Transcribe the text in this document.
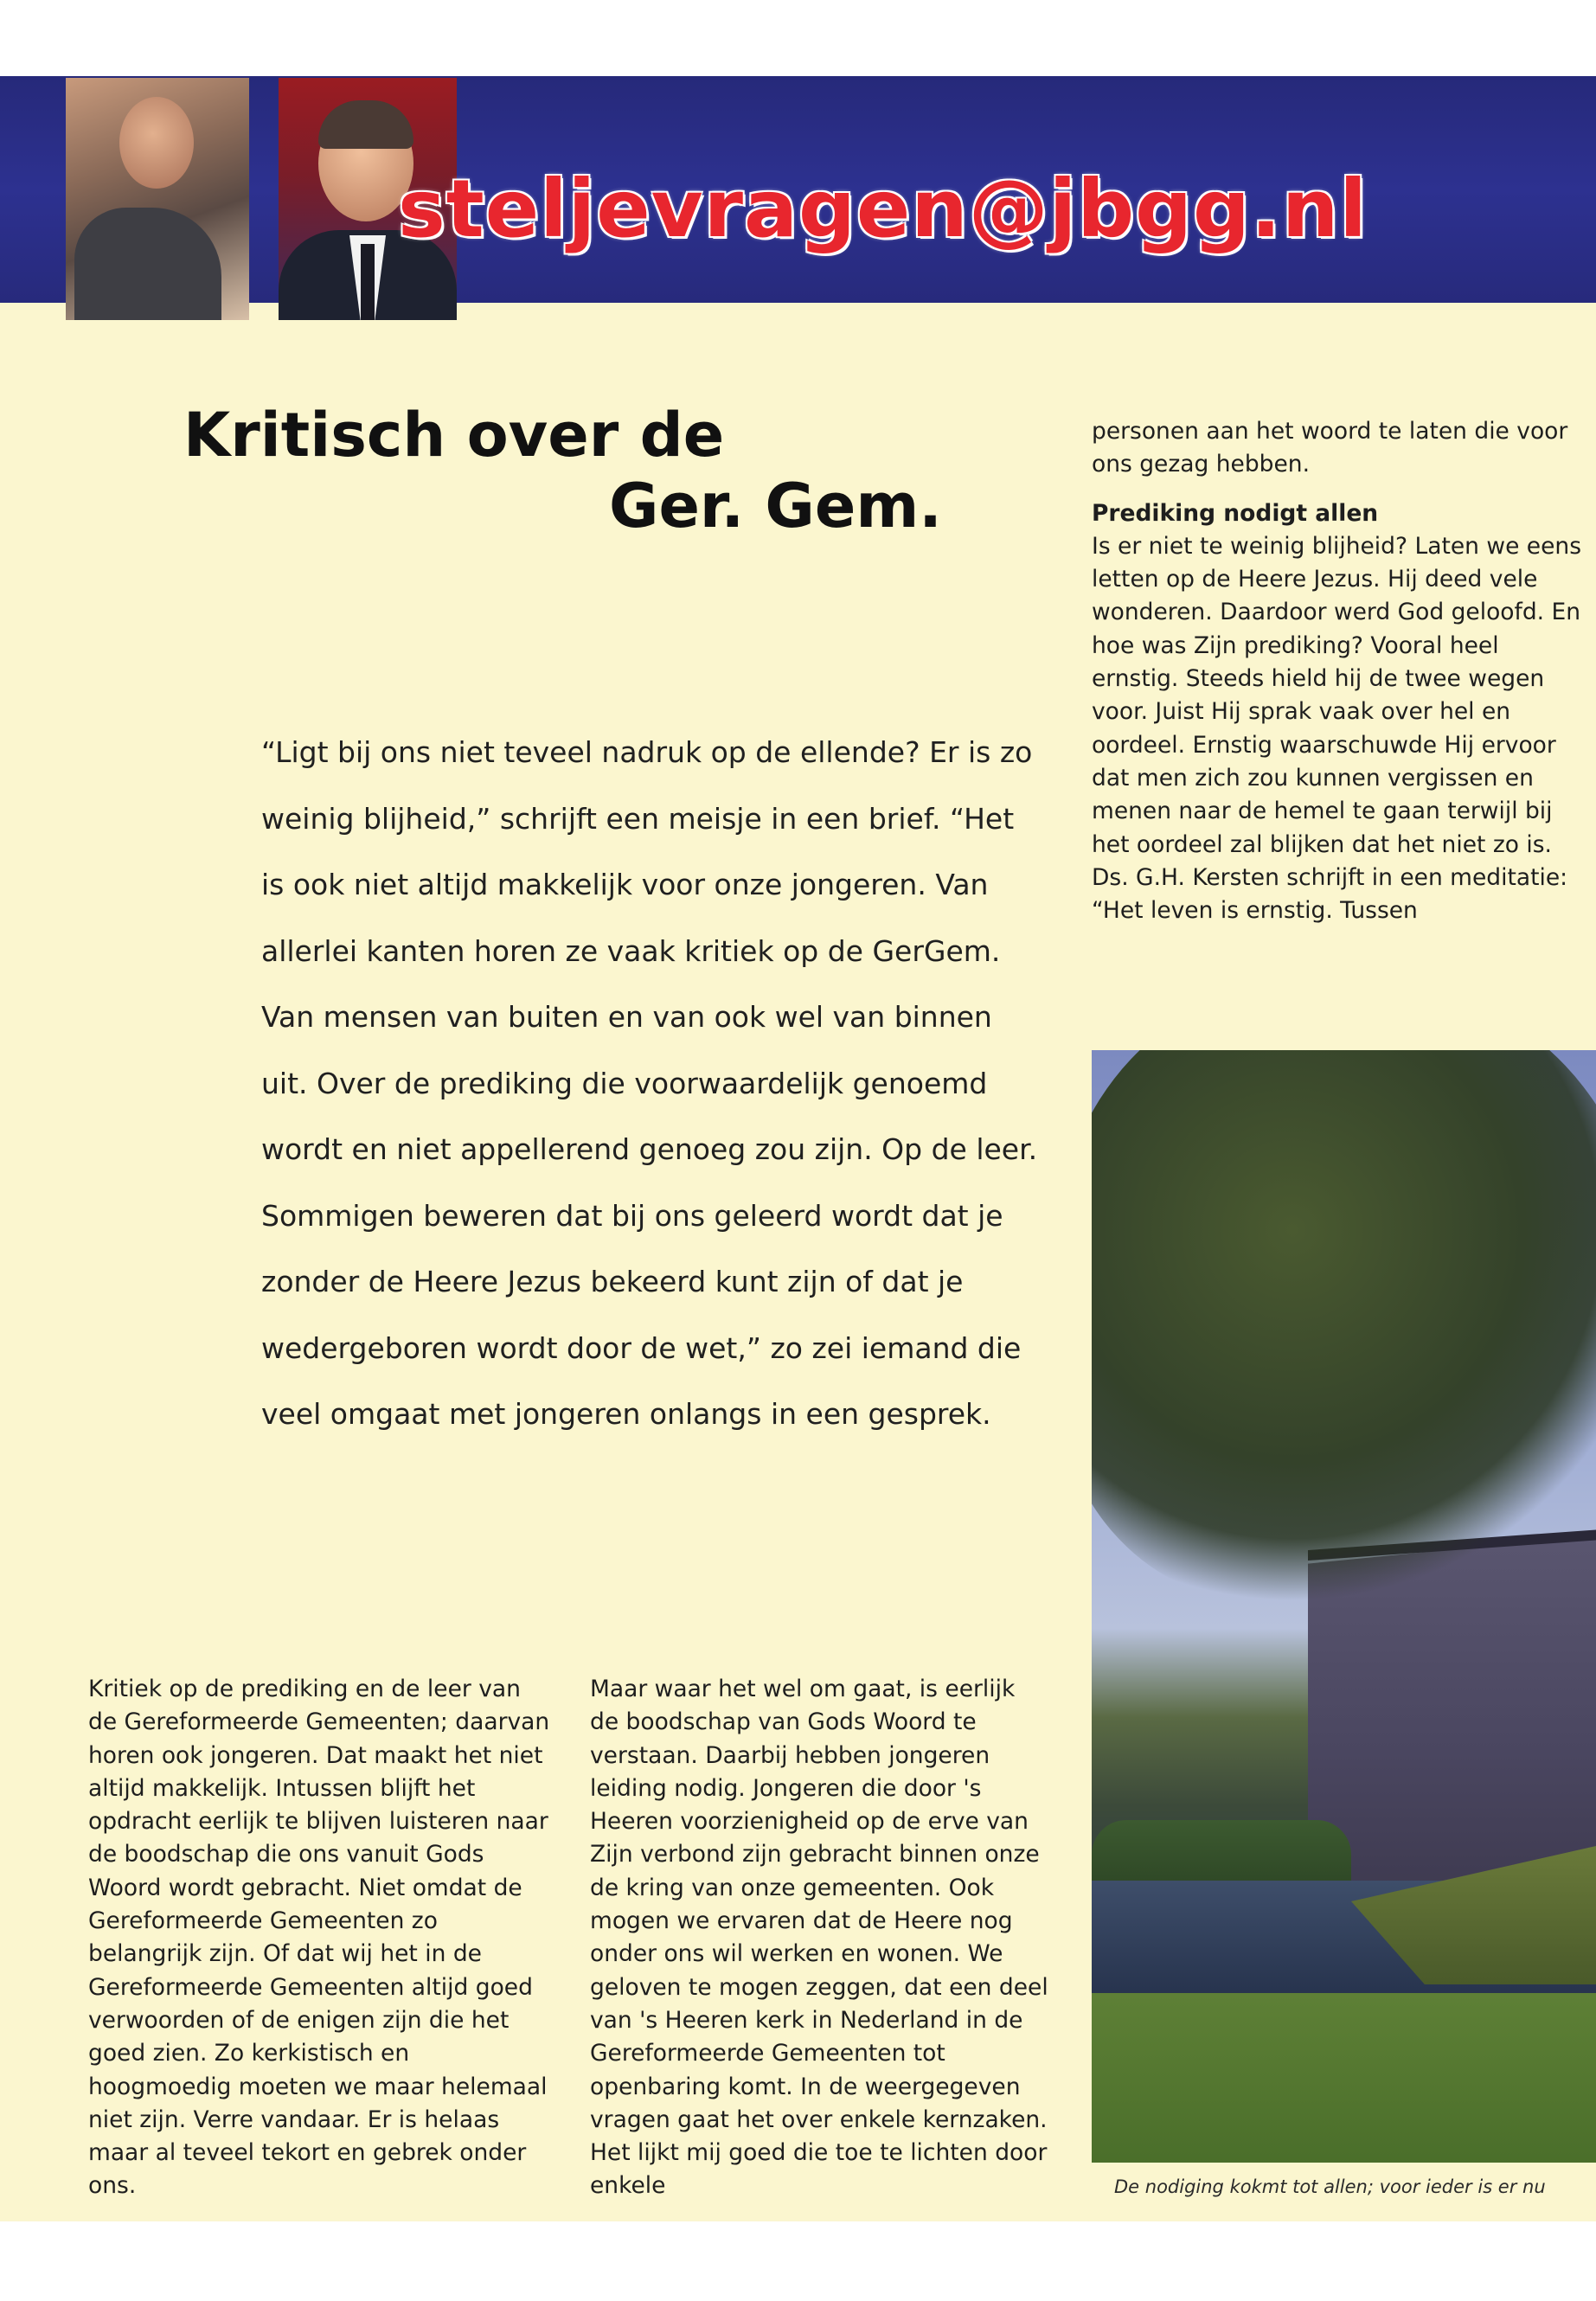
steljevragen@jbgg.nl
Kritisch over de
Ger. Gem.

“Ligt bij ons niet teveel nadruk op de ellende? Er is zo weinig blijheid,” schrijft een meisje in een brief. “Het is ook niet altijd makkelijk voor onze jongeren. Van allerlei kanten horen ze vaak kritiek op de GerGem. Van mensen van buiten en van ook wel van binnen uit. Over de prediking die voorwaardelijk genoemd wordt en niet appellerend genoeg zou zijn. Op de leer. Sommigen beweren dat bij ons geleerd wordt dat je zonder de Heere Jezus bekeerd kunt zijn of dat je wedergeboren wordt door de wet,” zo zei iemand die veel omgaat met jongeren onlangs in een gesprek.

Kritiek op de prediking en de leer van de Gereformeerde Gemeenten; daarvan horen ook jongeren. Dat maakt het niet altijd makkelijk. Intussen blijft het opdracht eerlijk te blijven luisteren naar de boodschap die ons vanuit Gods Woord wordt gebracht. Niet omdat de Gereformeerde Gemeenten zo belangrijk zijn. Of dat wij het in de Gereformeerde Gemeenten altijd goed verwoorden of de enigen zijn die het goed zien. Zo kerkistisch en hoogmoedig moeten we maar helemaal niet zijn. Verre vandaar. Er is helaas maar al teveel tekort en gebrek onder ons.

Maar waar het wel om gaat, is eerlijk de boodschap van Gods Woord te verstaan. Daarbij hebben jongeren leiding nodig. Jongeren die door 's Heeren voorzienigheid op de erve van Zijn verbond zijn gebracht binnen onze de kring van onze gemeenten. Ook mogen we ervaren dat de Heere nog onder ons wil werken en wonen. We geloven te mogen zeggen, dat een deel van 's Heeren kerk in Nederland in de Gereformeerde Gemeenten tot openbaring komt. In de weergegeven vragen gaat het over enkele kernzaken. Het lijkt mij goed die toe te lichten door enkele

personen aan het woord te laten die voor ons gezag hebben.

Prediking nodigt allen

Is er niet te weinig blijheid? Laten we eens letten op de Heere Jezus. Hij deed vele wonderen. Daardoor werd God geloofd. En hoe was Zijn prediking? Vooral heel ernstig. Steeds hield hij de twee wegen voor. Juist Hij sprak vaak over hel en oordeel. Ernstig waarschuwde Hij ervoor dat men zich zou kunnen vergissen en menen naar de hemel te gaan terwijl bij het oordeel zal blijken dat het niet zo is. Ds. G.H. Kersten schrijft in een meditatie: “Het leven is ernstig. Tussen

De nodiging kokmt tot allen; voor ieder is er nu
